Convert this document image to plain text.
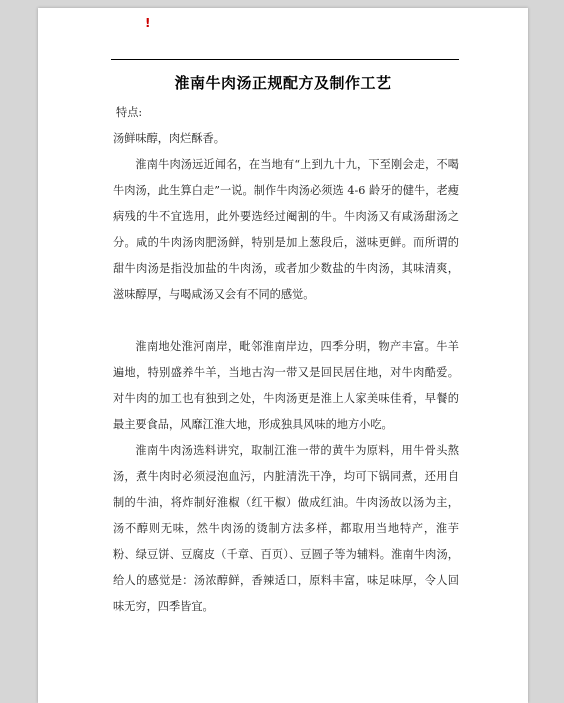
!
淮南牛肉汤正规配方及制作工艺

特点:

汤鲜味醇，肉烂酥香。

淮南牛肉汤远近闻名，在当地有“上到九十九，下至刚会走，不喝牛肉汤，此生算白走”一说。制作牛肉汤必须选 4-6 龄牙的健牛，老瘦病残的牛不宜选用，此外要选经过阉割的牛。牛肉汤又有咸汤甜汤之分。咸的牛肉汤肉肥汤鲜，特别是加上葱段后，滋味更鲜。而所谓的甜牛肉汤是指没加盐的牛肉汤，或者加少数盐的牛肉汤，其味清爽，滋味醇厚，与喝咸汤又会有不同的感觉。

淮南地处淮河南岸，毗邻淮南岸边，四季分明，物产丰富。牛羊遍地，特别盛养牛羊，当地古沟一带又是回民居住地，对牛肉酷爱。对牛肉的加工也有独到之处，牛肉汤更是淮上人家美味佳肴，早餐的最主要食品，风靡江淮大地，形成独具风味的地方小吃。

淮南牛肉汤选料讲究，取制江淮一带的黄牛为原料，用牛骨头熬汤，煮牛肉时必须浸泡血污，内脏清洗干净，均可下锅同煮，还用自制的牛油，将炸制好淮椒（红干椒）做成红油。牛肉汤故以汤为主，汤不醇则无味，然牛肉汤的烫制方法多样，都取用当地特产，淮芋粉、绿豆饼、豆腐皮（千章、百页）、豆圆子等为辅料。淮南牛肉汤，给人的感觉是：汤浓醇鲜，香辣适口，原料丰富，味足味厚，令人回味无穷，四季皆宜。
